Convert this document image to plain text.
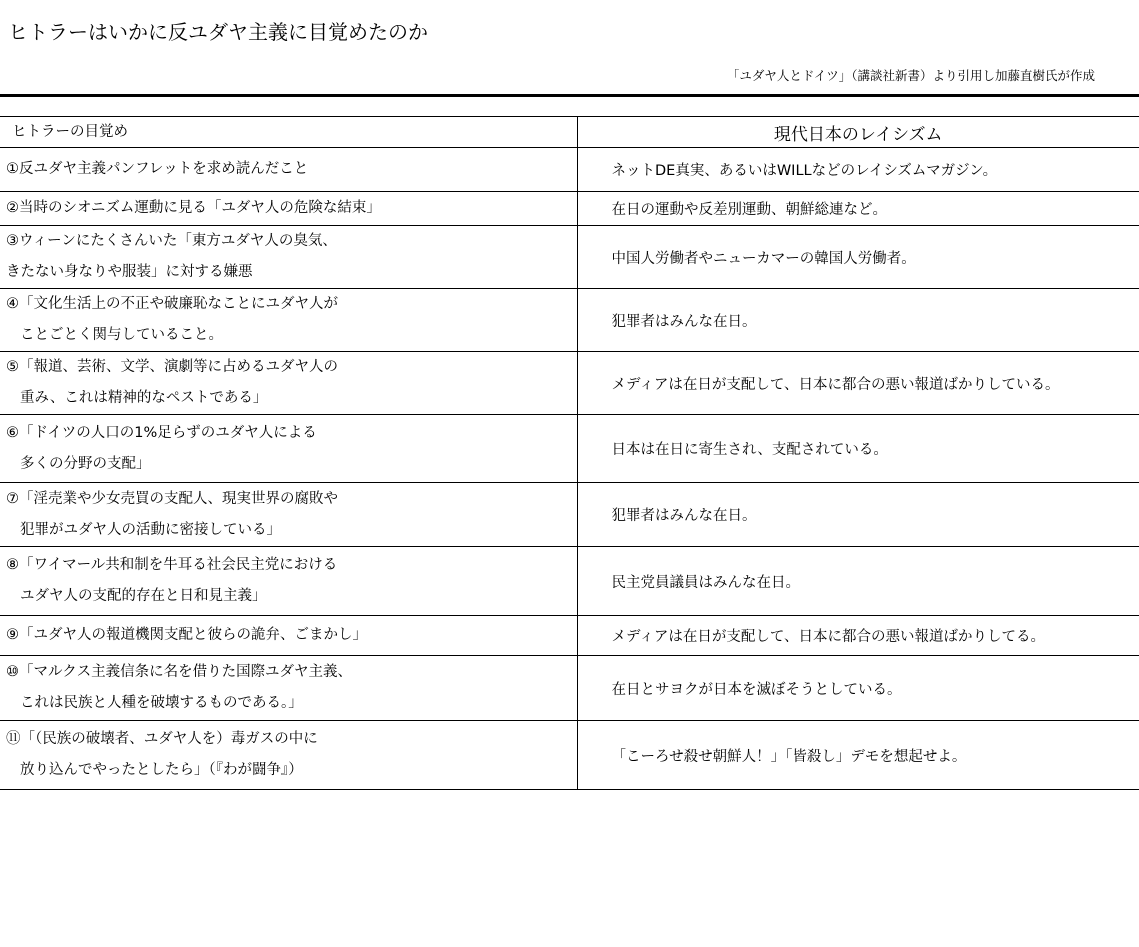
ヒトラーはいかに反ユダヤ主義に目覚めたのか
「ユダヤ人とドイツ」（講談社新書）より引用し加藤直樹氏が作成
ヒトラーの目覚め	現代日本のレイシズム

①反ユダヤ主義パンフレットを求め読んだこと	ネットDE真実、あるいはWILLなどのレイシズムマガジン。

②当時のシオニズム運動に見る「ユダヤ人の危険な結束」	在日の運動や反差別運動、朝鮮総連など。

③ウィーンにたくさんいた「東方ユダヤ人の臭気、
きたない身なりや服装」に対する嫌悪	中国人労働者やニューカマーの韓国人労働者。

④「文化生活上の不正や破廉恥なことにユダヤ人が
ことごとく関与していること。	犯罪者はみんな在日。

⑤「報道、芸術、文学、演劇等に占めるユダヤ人の
重み、これは精神的なペストである」	メディアは在日が支配して、日本に都合の悪い報道ばかりしている。

⑥「ドイツの人口の1%足らずのユダヤ人による
多くの分野の支配」	日本は在日に寄生され、支配されている。

⑦「淫売業や少女売買の支配人、現実世界の腐敗や
犯罪がユダヤ人の活動に密接している」	犯罪者はみんな在日。

⑧「ワイマール共和制を牛耳る社会民主党における
ユダヤ人の支配的存在と日和見主義」	民主党員議員はみんな在日。

⑨「ユダヤ人の報道機関支配と彼らの詭弁、ごまかし」	メディアは在日が支配して、日本に都合の悪い報道ばかりしてる。

⑩「マルクス主義信条に名を借りた国際ユダヤ主義、
これは民族と人種を破壊するものである。」	在日とサヨクが日本を滅ぼそうとしている。

⑪「（民族の破壊者、ユダヤ人を）毒ガスの中に
放り込んでやったとしたら」（『わが闘争』）	「こーろせ殺せ朝鮮人！」「皆殺し」デモを想起せよ。
